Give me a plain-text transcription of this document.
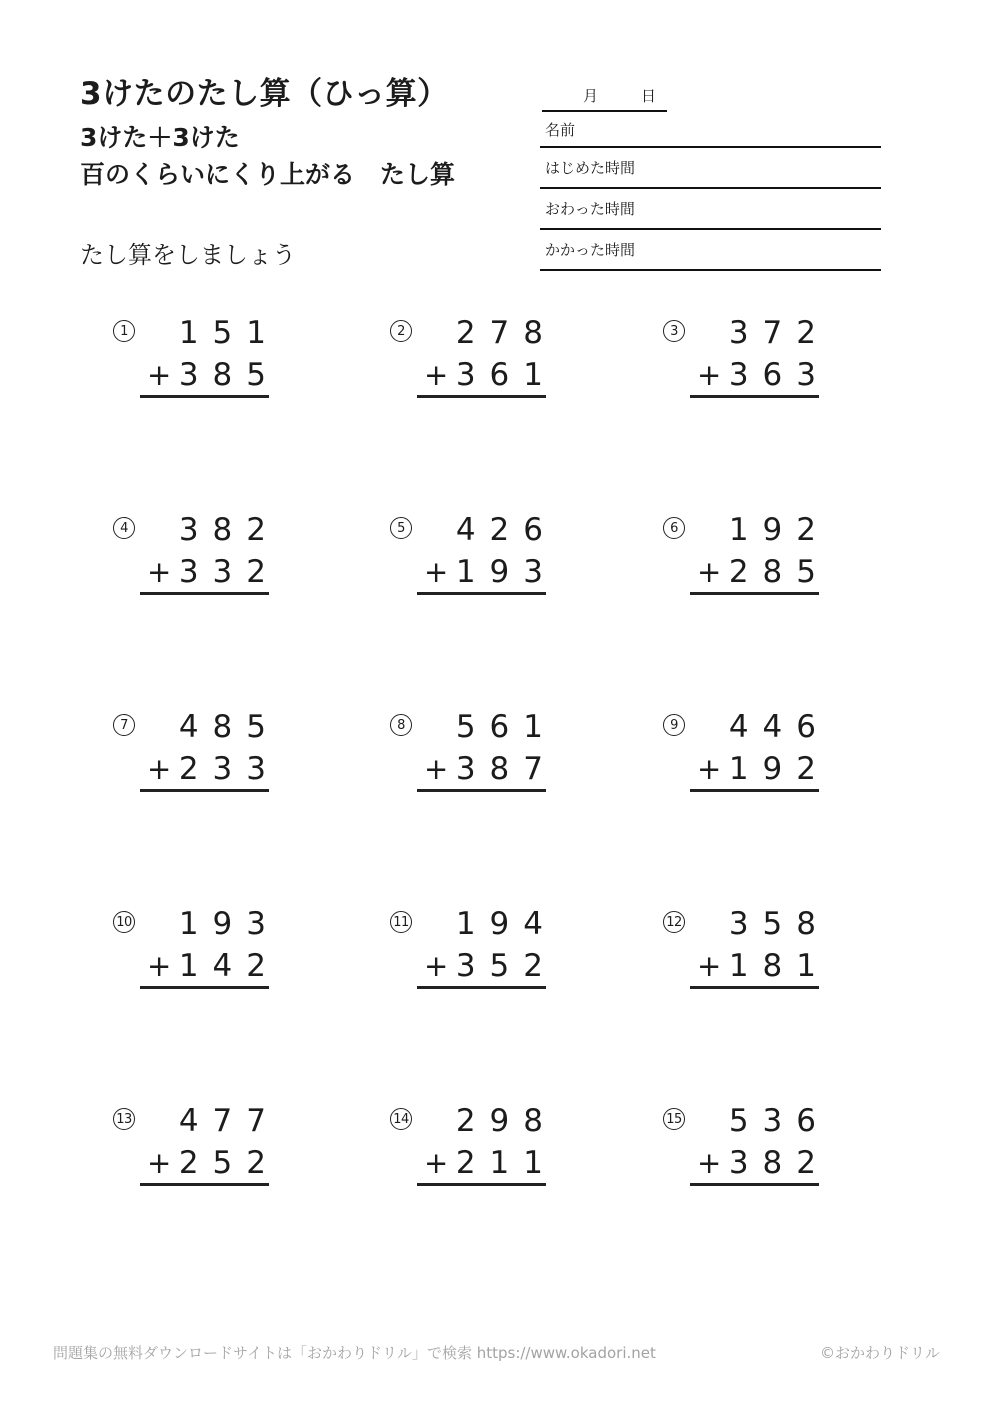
3けたのたし算（ひっ算）
3けた＋3けた
百のくらいにくり上がる　たし算
たし算をしましょう
月	日
名前
はじめた時間
おわった時間
かかった時間
1 151
+ 385
2 278
+ 361
3 372
+ 363
4 382
+ 332
5 426
+ 193
6 192
+ 285
7 485
+ 233
8 561
+ 387
9 446
+ 192
10 193
+ 142
11 194
+ 352
12 358
+ 181
13 477
+ 252
14 298
+ 211
15 536
+ 382
問題集の無料ダウンロードサイトは「おかわりドリル」で検索 https://www.okadori.net	©おかわりドリル
